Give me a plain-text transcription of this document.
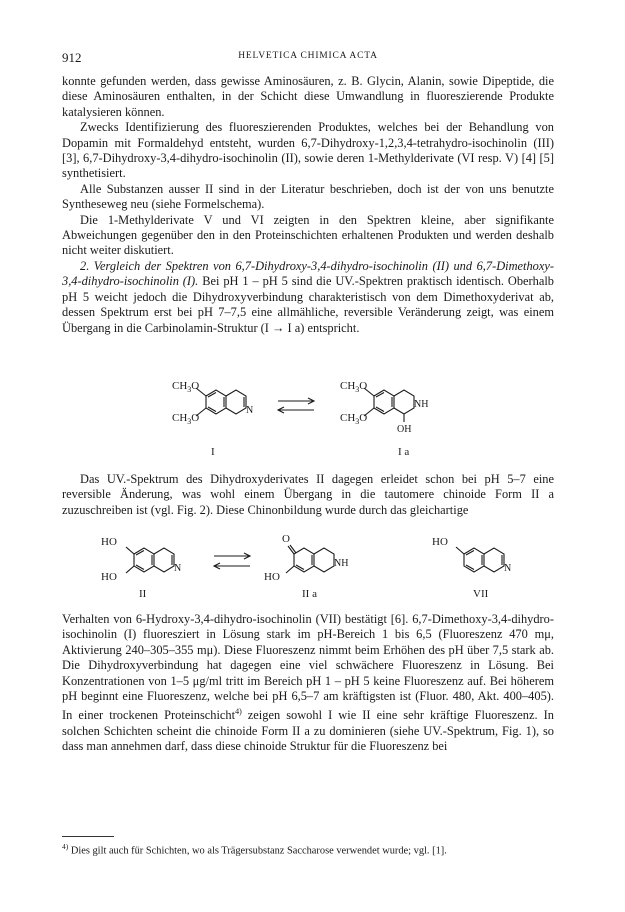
912	HELVETICA CHIMICA ACTA

konnte gefunden werden, dass gewisse Aminosäuren, z. B. Glycin, Alanin, sowie Dipeptide, die diese Aminosäuren enthalten, in der Schicht diese Umwandlung in fluoreszierende Produkte katalysieren können.

Zwecks Identifizierung des fluoreszierenden Produktes, welches bei der Behandlung von Dopamin mit Formaldehyd entsteht, wurden 6,7-Dihydroxy-1,2,3,4-tetrahydro-isochinolin (III) [3], 6,7-Dihydroxy-3,4-dihydro-isochinolin (II), sowie deren 1-Methylderivate (VI resp. V) [4] [5] synthetisiert.

Alle Substanzen ausser II sind in der Literatur beschrieben, doch ist der von uns benutzte Syntheseweg neu (siehe Formelschema).

Die 1-Methylderivate V und VI zeigten in den Spektren kleine, aber signifikante Abweichungen gegenüber den in den Proteinschichten erhaltenen Produkten und werden deshalb nicht weiter diskutiert.

2. Vergleich der Spektren von 6,7-Dihydroxy-3,4-dihydro-isochinolin (II) und 6,7-Dimethoxy-3,4-dihydro-isochinolin (I). Bei pH 1 – pH 5 sind die UV.-Spektren praktisch identisch. Oberhalb pH 5 weicht jedoch die Dihydroxyverbindung charakteristisch von dem Dimethoxyderivat ab, dessen Spektrum erst bei pH 7–7,5 eine allmähliche, reversible Veränderung zeigt, was einem Übergang in die Carbinolamin-Struktur (I → I a) entspricht.

$CH_3O$
$CH_3O$
N
$CH_3O$
$CH_3O$
NH
OH
I	I a

Das UV.-Spektrum des Dihydroxyderivates II dagegen erleidet schon bei pH 5–7 eine reversible Änderung, was wohl einem Übergang in die tautomere chinoide Form II a zuzuschreiben ist (vgl. Fig. 2). Diese Chinonbildung wurde durch das gleichartige

HO
HO
N
O
HO
NH
HO
N
II	II a	VII

Verhalten von 6-Hydroxy-3,4-dihydro-isochinolin (VII) bestätigt [6]. 6,7-Dimethoxy-3,4-dihydro-isochinolin (I) fluoresziert in Lösung stark im pH-Bereich 1 bis 6,5 (Fluoreszenz 470 mμ, Aktivierung 240–305–355 mμ). Diese Fluoreszenz nimmt beim Erhöhen des pH über 7,5 stark ab. Die Dihydroxyverbindung hat dagegen eine viel schwächere Fluoreszenz in Lösung. Bei Konzentrationen von 1–5 μg/ml tritt im Bereich pH 1 – pH 5 keine Fluoreszenz auf. Bei höherem pH beginnt eine Fluoreszenz, welche bei pH 6,5–7 am kräftigsten ist (Fluor. 480, Akt. 400–405). In einer trockenen Proteinschicht$^{4)}$ zeigen sowohl I wie II eine sehr kräftige Fluoreszenz. In solchen Schichten scheint die chinoide Form II a zu dominieren (siehe UV.-Spektrum, Fig. 1), so dass man annehmen darf, dass diese chinoide Struktur für die Fluoreszenz bei

$^{4)}$ Dies gilt auch für Schichten, wo als Trägersubstanz Saccharose verwendet wurde; vgl. [1].
